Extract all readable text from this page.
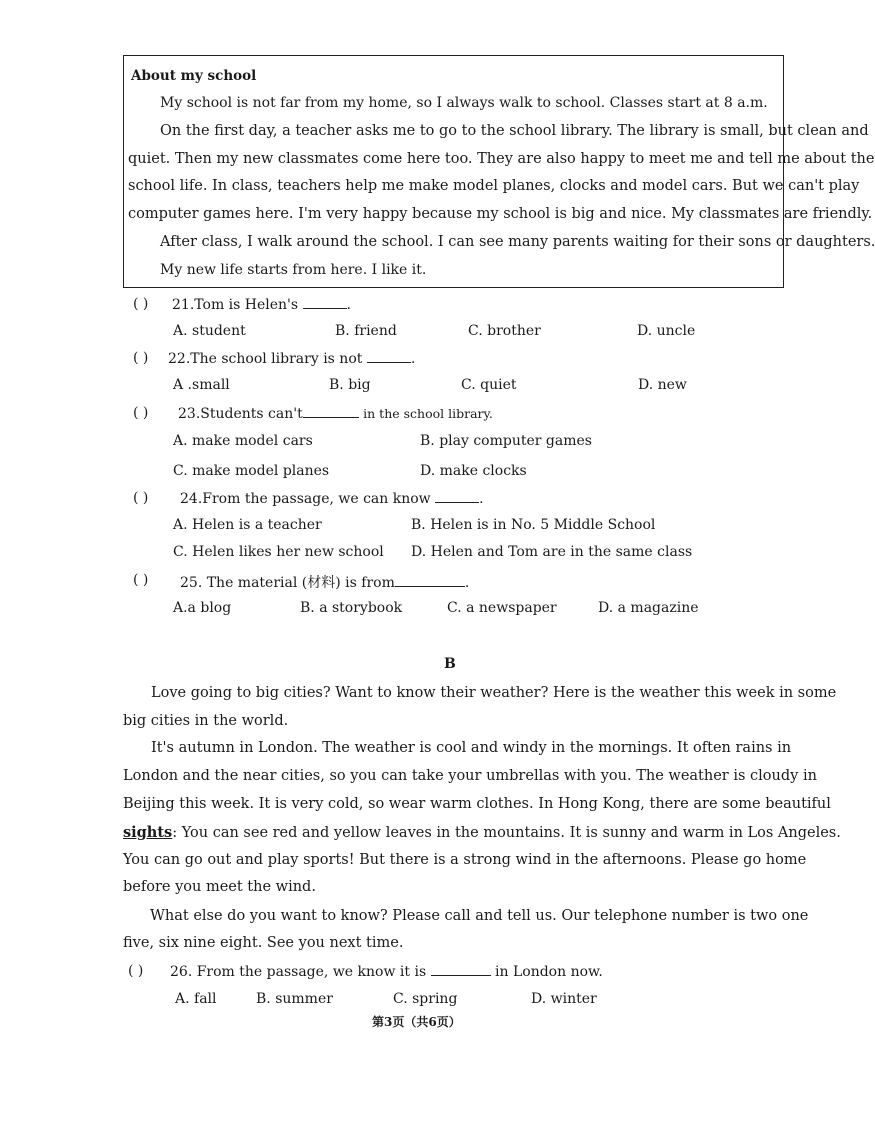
About my school
My school is not far from my home, so I always walk to school. Classes start at 8 a.m.
On the first day, a teacher asks me to go to the school library. The library is small, but clean and
quiet. Then my new classmates come here too. They are also happy to meet me and tell me about the
school life. In class, teachers help me make model planes, clocks and model cars. But we can't play
computer games here. I'm very happy because my school is big and nice. My classmates are friendly.
After class, I walk around the school. I can see many parents waiting for their sons or daughters.
My new life starts from here. I like it.
( ) 21.Tom is Helen's	.
A. student	B. friend	C. brother	D. uncle
( ) 22.The school library is not	.
A .small	B. big	C. quiet	D. new
( ) 23.Students can't	in the school library.
A. make model cars	B. play computer games
C. make model planes	D. make clocks
( ) 24.From the passage, we can know	.
A. Helen is a teacher	B. Helen is in No. 5 Middle School
C. Helen likes her new school D. Helen and Tom are in the same class
( ) 25. The material (材料) is from	.
A.a blog	B. a storybook	C. a newspaper	D. a magazine
B
Love going to big cities? Want to know their weather? Here is the weather this week in some
big cities in the world.
It's autumn in London. The weather is cool and windy in the mornings. It often rains in
London and the near cities, so you can take your umbrellas with you. The weather is cloudy in
Beijing this week. It is very cold, so wear warm clothes. In Hong Kong, there are some beautiful
sights: You can see red and yellow leaves in the mountains. It is sunny and warm in Los Angeles.
You can go out and play sports! But there is a strong wind in the afternoons. Please go home
before you meet the wind.
What else do you want to know? Please call and tell us. Our telephone number is two one
five, six nine eight. See you next time.
( ) 26. From the passage, we know it is	in London now.
A. fall	B. summer	C. spring	D. winter
第3页（共6页）
